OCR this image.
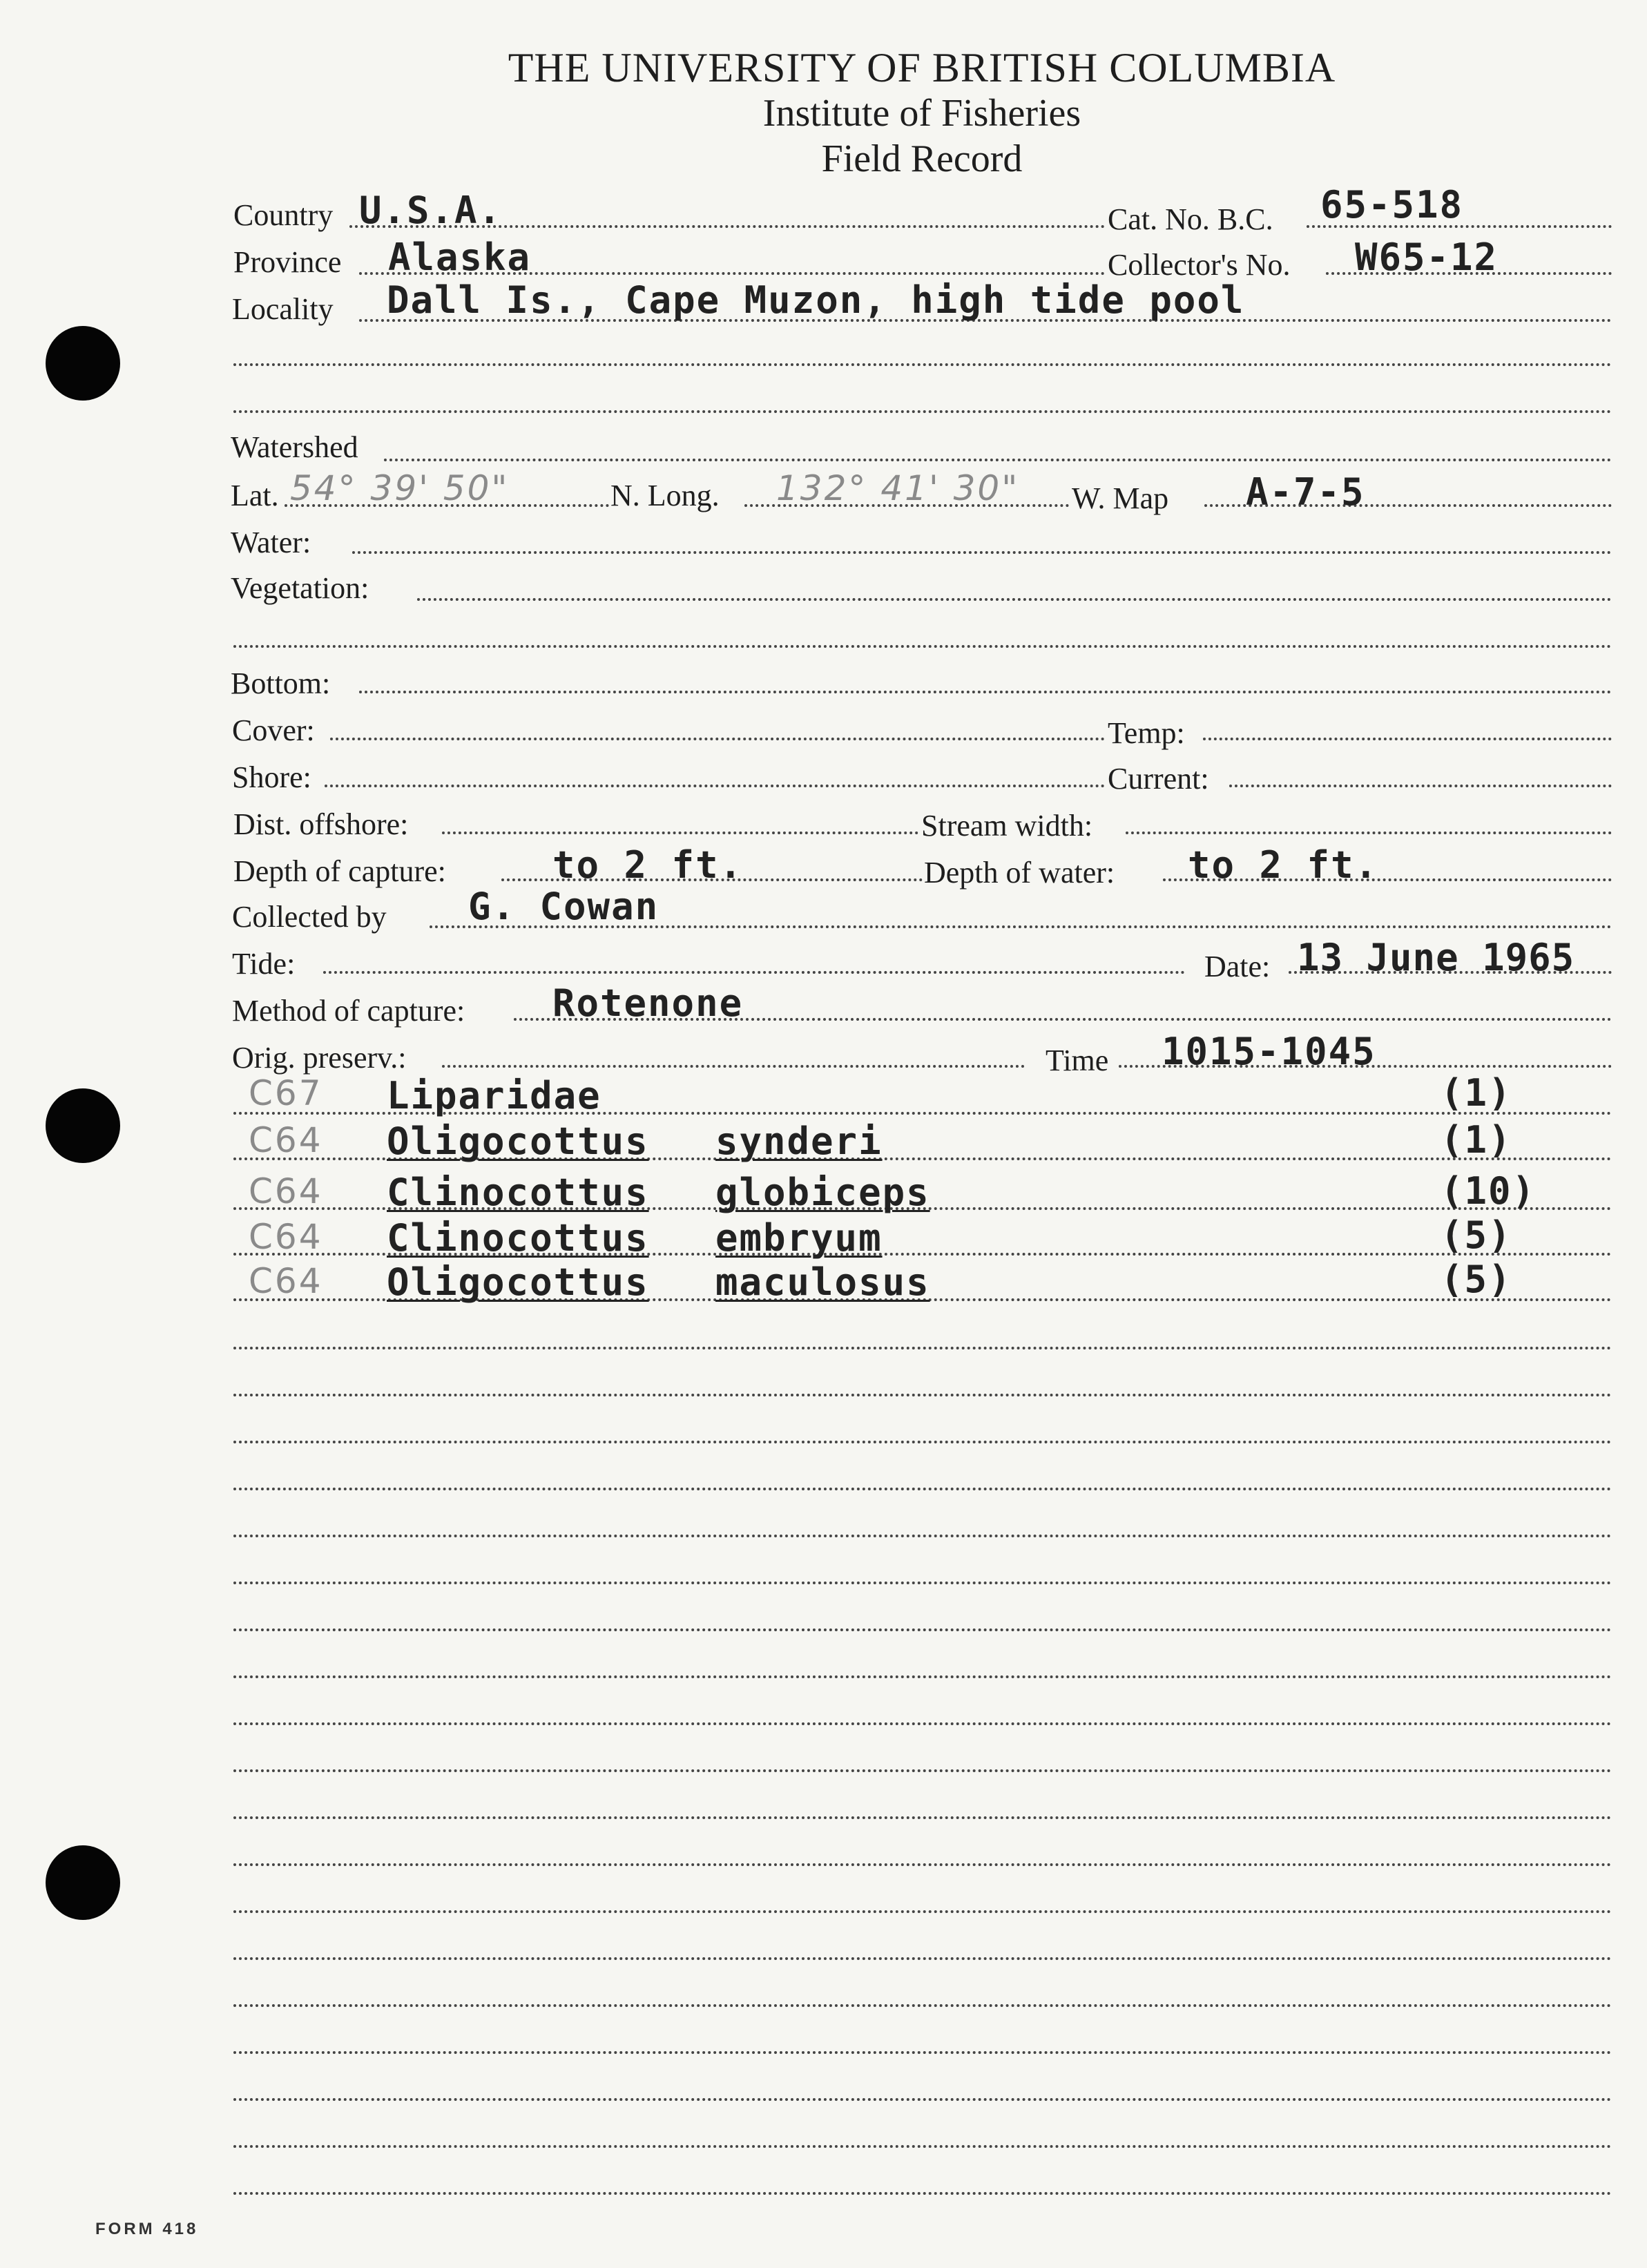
THE UNIVERSITY OF BRITISH COLUMBIA
Institute of Fisheries
Field Record
Country U.S.A.	Cat. No. B.C. 65-518
Province Alaska	Collector's No. W65-12
Locality Dall Is., Cape Muzon, high tide pool
Watershed
Lat. 54° 39' 50"	N. Long. 132° 41' 30" W. Map A-7-5
Water:
Vegetation:
Bottom:
Cover:	Temp:
Shore:	Current:
Dist. offshore:	Stream width:
Depth of capture:	to 2 ft.	Depth of water: to 2 ft.
Collected by G. Cowan
Tide:	Date: 13 June 1965
Method of capture: Rotenone
Orig. preserv.:	Time 1015-1045
C67 Liparidae	(1)
C64 Oligocottus synderi	(1)
C64 Clinocottus globiceps	(10)
C64 Clinocottus embryum	(5)
C64 Oligocottus maculosus	(5)
FORM 418
